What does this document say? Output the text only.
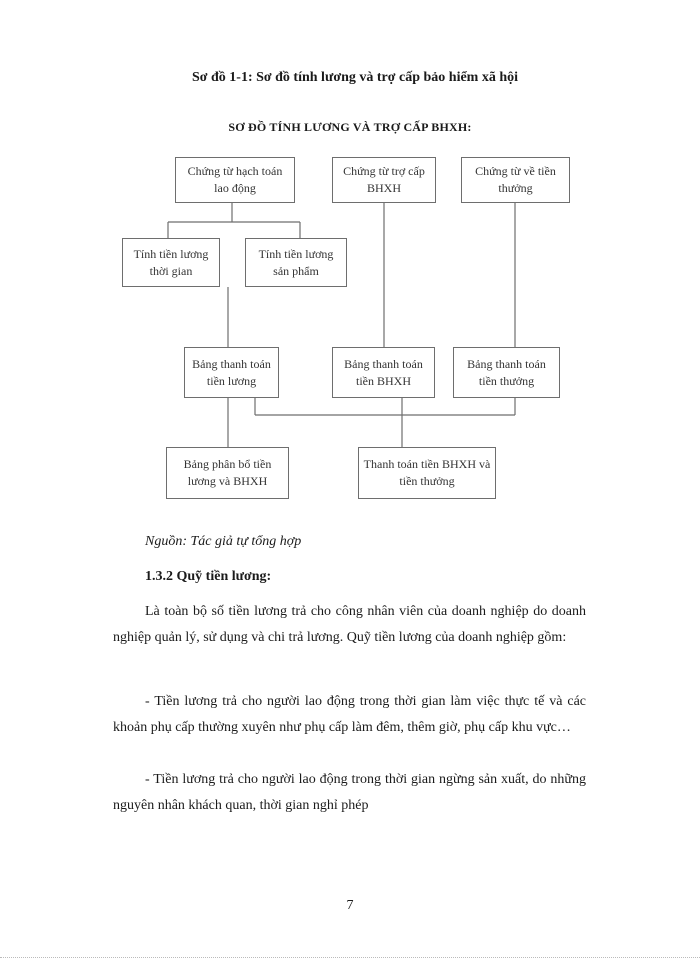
Sơ đồ 1-1: Sơ đồ tính lương và trợ cấp bảo hiểm xã hội
SƠ ĐỒ TÍNH LƯƠNG VÀ TRỢ CẤP BHXH:
Chứng từ hạch toán lao động
Chứng từ trợ cấp BHXH
Chứng từ về tiền thưởng
Tính tiền lương thời gian
Tính tiền lương sản phẩm
Bảng thanh toán tiền lương
Bảng thanh toán tiền BHXH
Bảng thanh toán tiền thưởng
Bảng phân bổ tiền lương và BHXH
Thanh toán tiền BHXH và tiền thưởng
Nguồn: Tác giả tự tổng hợp
1.3.2 Quỹ tiền lương:
Là toàn bộ số tiền lương trả cho công nhân viên của doanh nghiệp do doanh nghiệp quản lý, sử dụng và chi trả lương. Quỹ tiền lương của doanh nghiệp gồm:
- Tiền lương trả cho người lao động trong thời gian làm việc thực tế và các khoản phụ cấp thường xuyên như phụ cấp làm đêm, thêm giờ, phụ cấp khu vực…
- Tiền lương trả cho người lao động trong thời gian ngừng sản xuất, do những nguyên nhân khách quan, thời gian nghỉ phép
7
